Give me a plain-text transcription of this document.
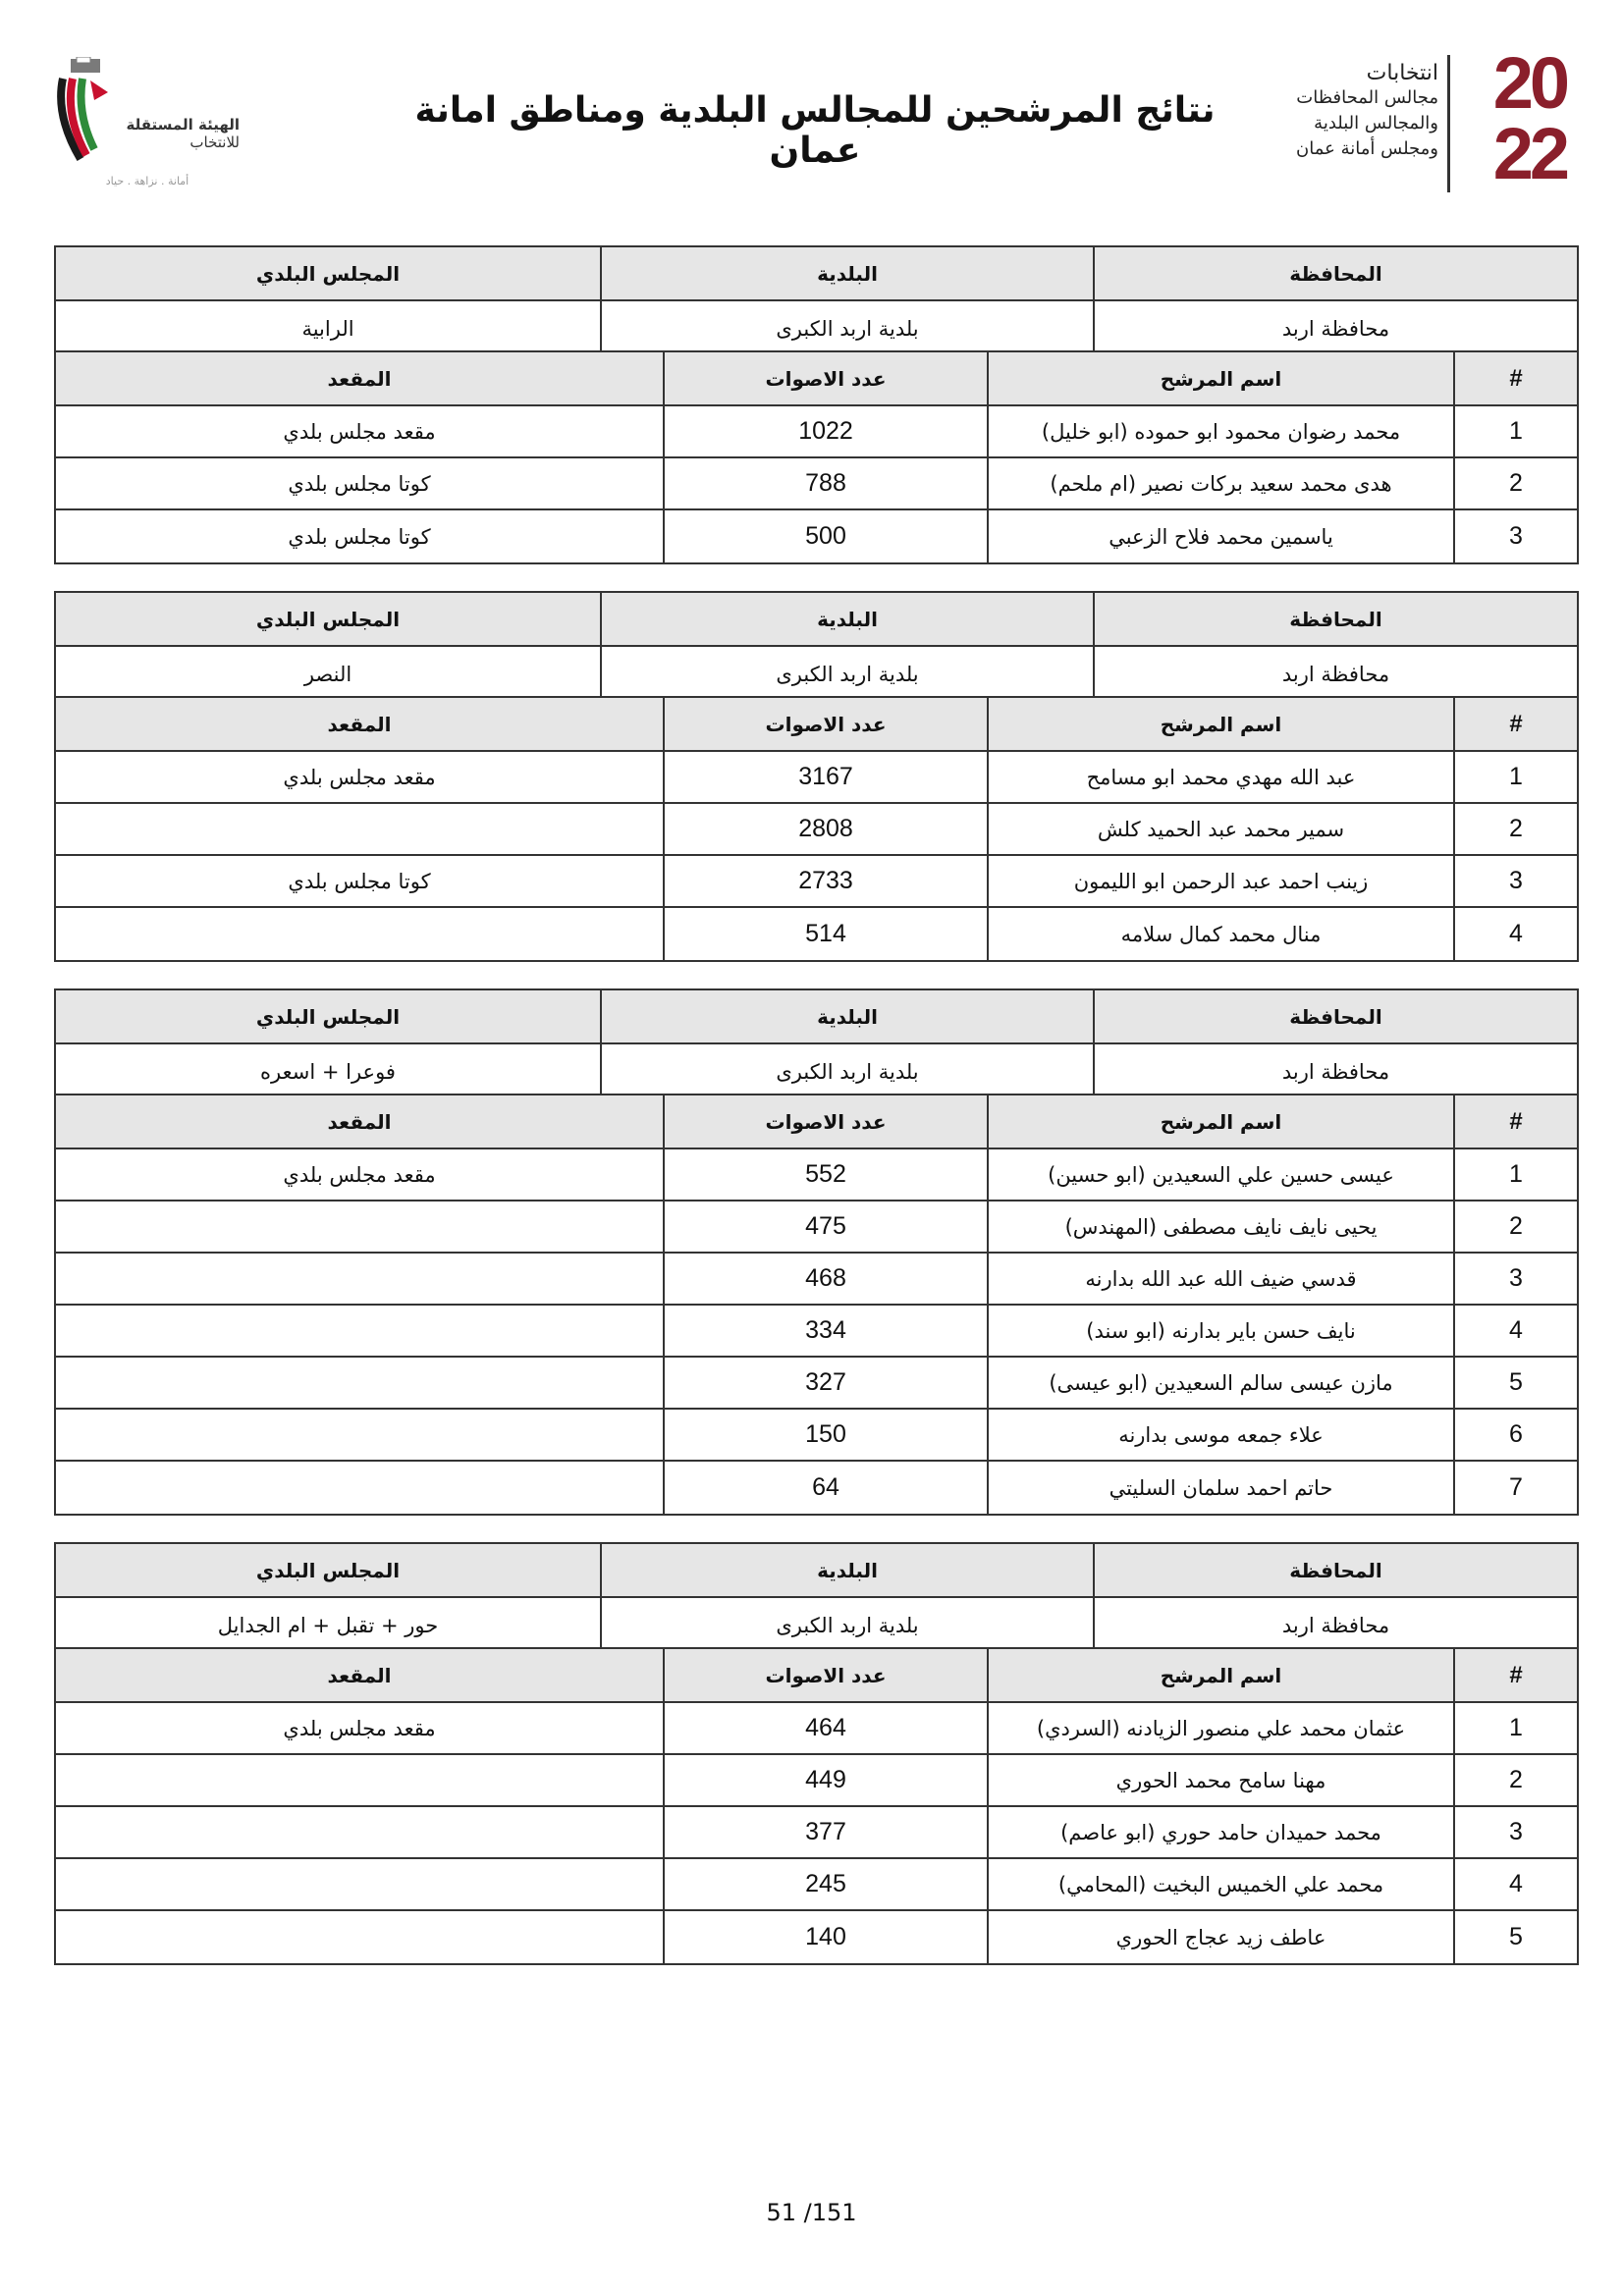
20
22
انتخابات
مجالس المحافظات
والمجالس البلدية
ومجلس أمانة عمان
نتائج المرشحين للمجالس البلدية ومناطق امانة عمان
الهيئة المستقلة
للانتخاب
أمانة . نزاهة . حياد
المحافظة
البلدية
المجلس البلدي
محافظة اربد
بلدية اربد الكبرى
الرابية
#
اسم المرشح
عدد الاصوات
المقعد
1
محمد رضوان محمود ابو حموده (ابو خليل)
1022
مقعد مجلس بلدي
2
هدى محمد سعيد بركات نصير (ام ملحم)
788
كوتا مجلس بلدي
3
ياسمين محمد فلاح الزعبي
500
كوتا مجلس بلدي
المحافظة
البلدية
المجلس البلدي
محافظة اربد
بلدية اربد الكبرى
النصر
#
اسم المرشح
عدد الاصوات
المقعد
1
عبد الله مهدي محمد ابو مسامح
3167
مقعد مجلس بلدي
2
سمير محمد عبد الحميد كلش
2808
3
زينب احمد عبد الرحمن ابو الليمون
2733
كوتا مجلس بلدي
4
منال محمد كمال سلامه
514
المحافظة
البلدية
المجلس البلدي
محافظة اربد
بلدية اربد الكبرى
فوعرا + اسعره
#
اسم المرشح
عدد الاصوات
المقعد
1
عيسى حسين علي السعيدين (ابو حسين)
552
مقعد مجلس بلدي
2
يحيى نايف نايف مصطفى (المهندس)
475
3
قدسي ضيف الله عبد الله بدارنه
468
4
نايف حسن باير بدارنه (ابو سند)
334
5
مازن عيسى سالم السعيدين (ابو عيسى)
327
6
علاء جمعه موسى بدارنه
150
7
حاتم احمد سلمان السليتي
64
المحافظة
البلدية
المجلس البلدي
محافظة اربد
بلدية اربد الكبرى
حور + تقبل + ام الجدايل
#
اسم المرشح
عدد الاصوات
المقعد
1
عثمان محمد علي منصور الزيادنه (السردي)
464
مقعد مجلس بلدي
2
مهنا سامح محمد الحوري
449
3
محمد حميدان حامد حوري (ابو عاصم)
377
4
محمد علي الخميس البخيت (المحامي)
245
5
عاطف زيد عجاج الحوري
140
51 /151
